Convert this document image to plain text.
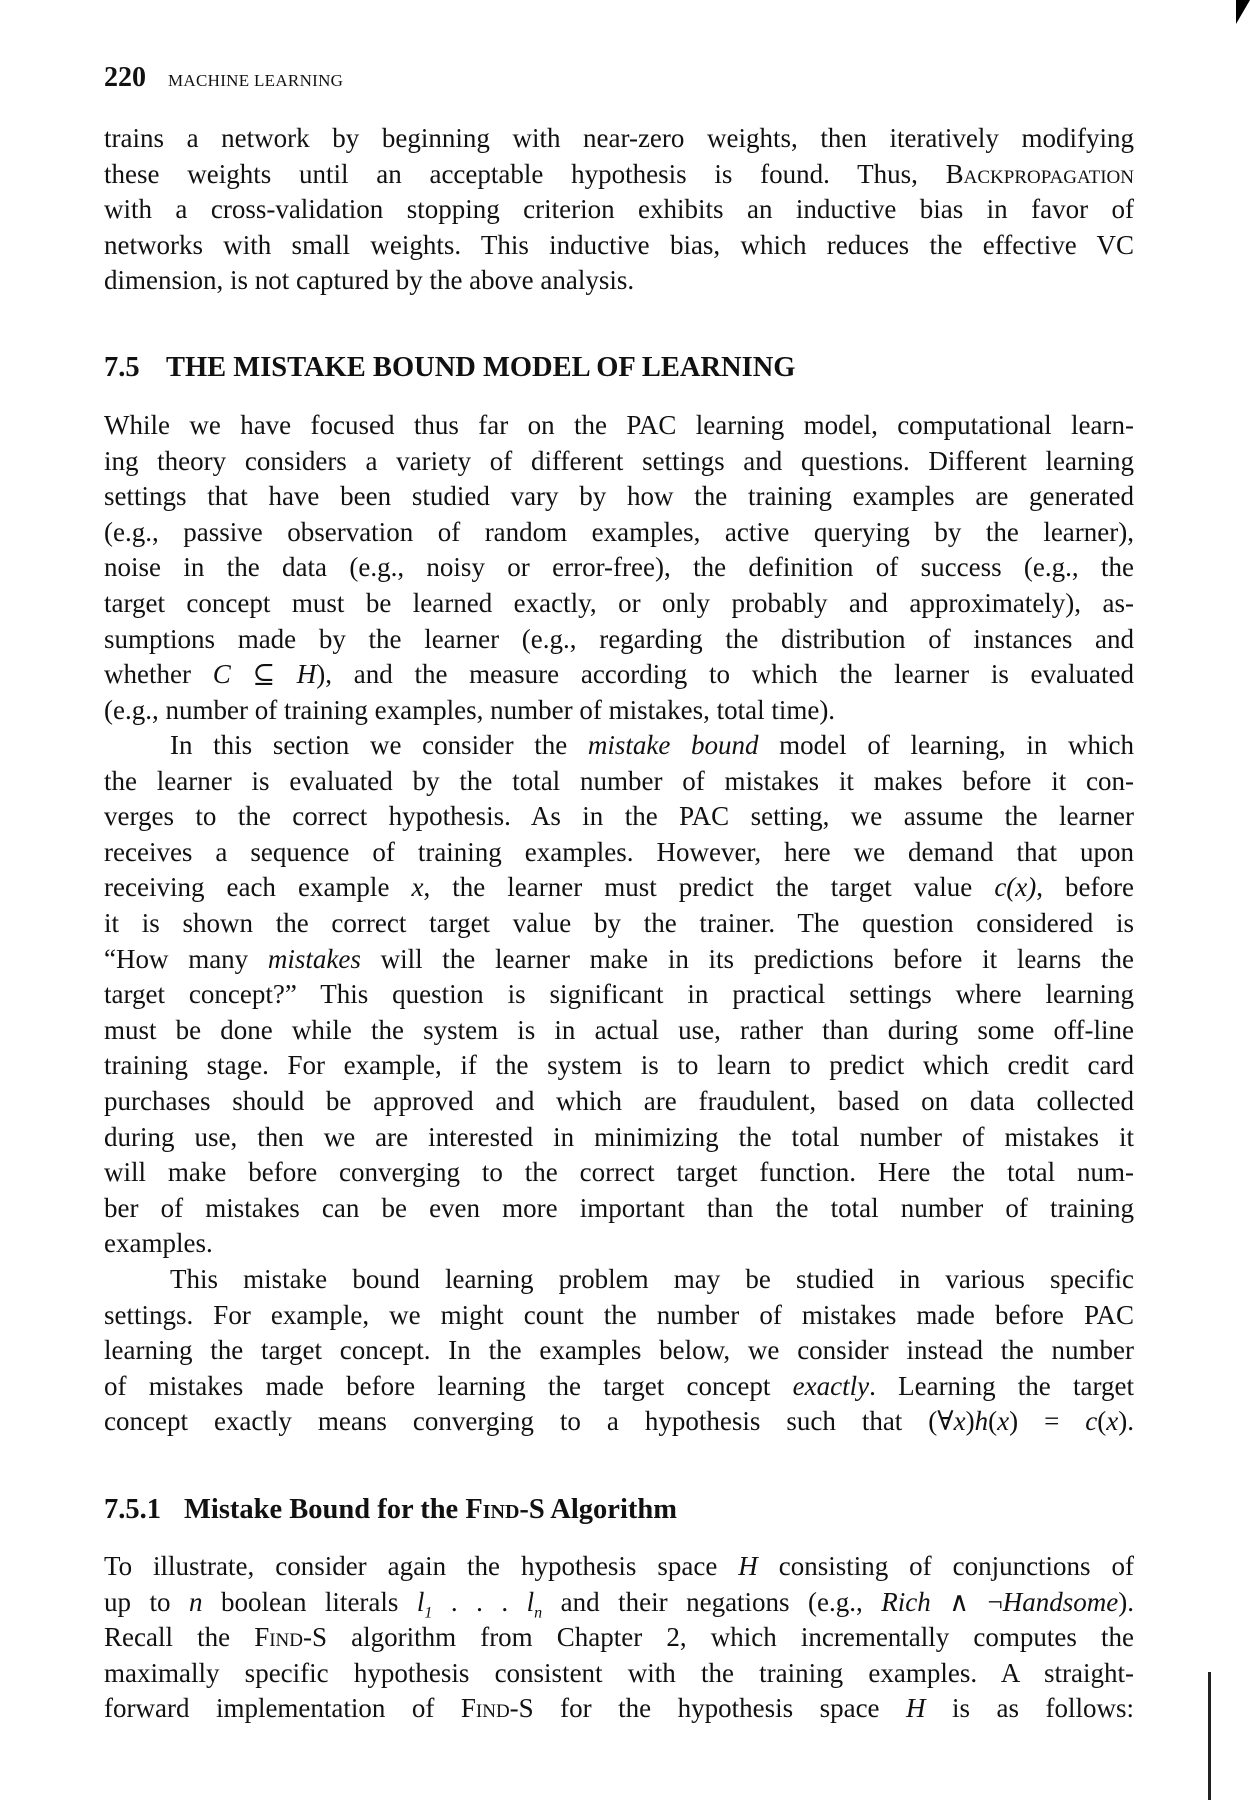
220 MACHINE LEARNING
trains a network by beginning with near-zero weights, then iteratively modifying
these weights until an acceptable hypothesis is found. Thus, Backpropagation
with a cross-validation stopping criterion exhibits an inductive bias in favor of
networks with small weights. This inductive bias, which reduces the effective VC
dimension, is not captured by the above analysis.
7.5 THE MISTAKE BOUND MODEL OF LEARNING
While we have focused thus far on the PAC learning model, computational learn-
ing theory considers a variety of different settings and questions. Different learning
settings that have been studied vary by how the training examples are generated
(e.g., passive observation of random examples, active querying by the learner),
noise in the data (e.g., noisy or error-free), the definition of success (e.g., the
target concept must be learned exactly, or only probably and approximately), as-
sumptions made by the learner (e.g., regarding the distribution of instances and
whether C ⊆ H), and the measure according to which the learner is evaluated
(e.g., number of training examples, number of mistakes, total time).
In this section we consider the mistake bound model of learning, in which
the learner is evaluated by the total number of mistakes it makes before it con-
verges to the correct hypothesis. As in the PAC setting, we assume the learner
receives a sequence of training examples. However, here we demand that upon
receiving each example x, the learner must predict the target value c(x), before
it is shown the correct target value by the trainer. The question considered is
“How many mistakes will the learner make in its predictions before it learns the
target concept?” This question is significant in practical settings where learning
must be done while the system is in actual use, rather than during some off-line
training stage. For example, if the system is to learn to predict which credit card
purchases should be approved and which are fraudulent, based on data collected
during use, then we are interested in minimizing the total number of mistakes it
will make before converging to the correct target function. Here the total num-
ber of mistakes can be even more important than the total number of training
examples.
This mistake bound learning problem may be studied in various specific
settings. For example, we might count the number of mistakes made before PAC
learning the target concept. In the examples below, we consider instead the number
of mistakes made before learning the target concept exactly. Learning the target
concept exactly means converging to a hypothesis such that (∀x)h(x) = c(x).
7.5.1 Mistake Bound for the Find-S Algorithm
To illustrate, consider again the hypothesis space H consisting of conjunctions of
up to n boolean literals $l_1$ . . . $l_n$ and their negations (e.g., Rich ∧ ¬Handsome).
Recall the Find-S algorithm from Chapter 2, which incrementally computes the
maximally specific hypothesis consistent with the training examples. A straight-
forward implementation of Find-S for the hypothesis space H is as follows:
